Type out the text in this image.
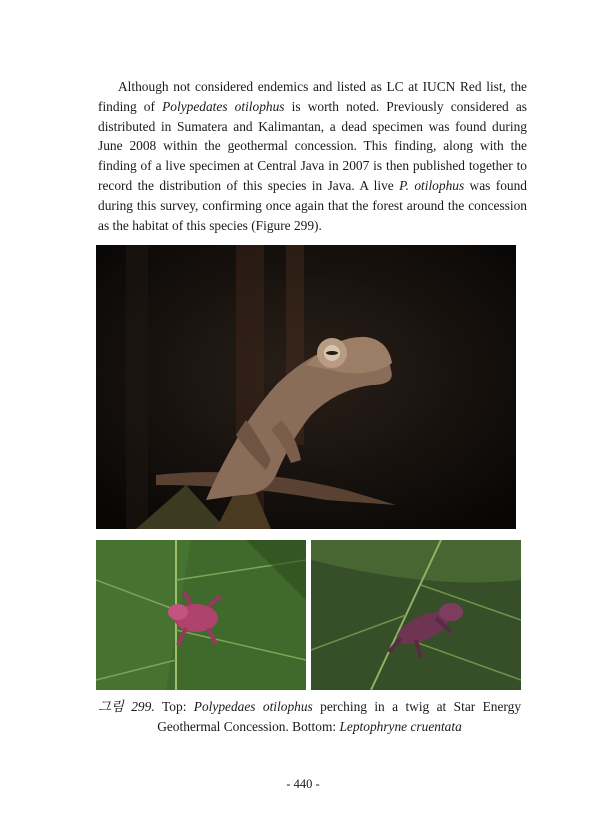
Although not considered endemics and listed as LC at IUCN Red list, the finding of Polypedates otilophus is worth noted. Previously considered as distributed in Sumatera and Kalimantan, a dead specimen was found during June 2008 within the geothermal concession. This finding, along with the finding of a live specimen at Central Java in 2007 is then published together to record the distribution of this species in Java. A live P. otilophus was found during this survey, confirming once again that the forest around the concession as the habitat of this species (Figure 299).
그림 299. Top: Polypedaes otilophus perching in a twig at Star Energy Geothermal Concession. Bottom: Leptophryne cruentata
- 440 -
